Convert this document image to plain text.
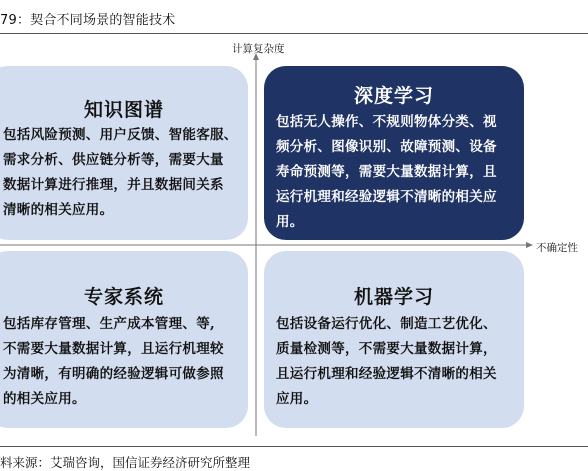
79：契合不同场景的智能技术
计算复杂度
不确定性
知识图谱
包括风险预测、用户反馈、智能客服、
需求分析、供应链分析等，需要大量
数据计算进行推理，并且数据间关系
清晰的相关应用。
深度学习
包括无人操作、不规则物体分类、视
频分析、图像识别、故障预测、设备
寿命预测等，需要大量数据计算，且
运行机理和经验逻辑不清晰的相关应
用。
专家系统
包括库存管理、生产成本管理、等,
不需要大量数据计算，且运行机理较
为清晰，有明确的经验逻辑可做参照
的相关应用。
机器学习
包括设备运行优化、制造工艺优化、
质量检测等，不需要大量数据计算，
且运行机理和经验逻辑不清晰的相关
应用。
料来源：艾瑞咨询，国信证券经济研究所整理
